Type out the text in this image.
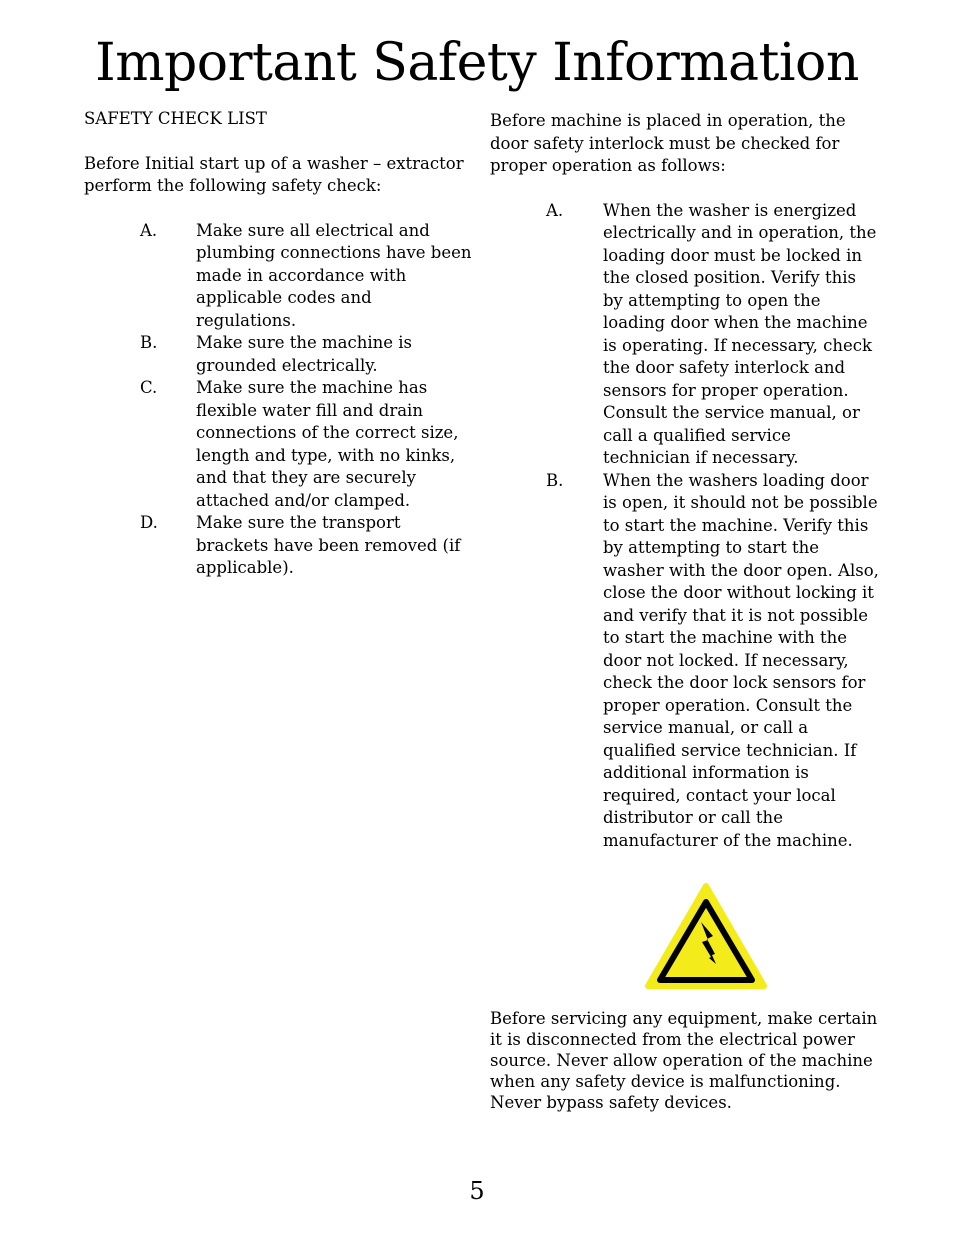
Important Safety Information

SAFETY CHECK LIST

Before Initial start up of a washer – extractor perform the following safety check:

A. Make sure all electrical and plumbing connections have been made in accordance with applicable codes and regulations.
B. Make sure the machine is grounded electrically.
C. Make sure the machine has flexible water fill and drain connections of the correct size, length and type, with no kinks, and that they are securely attached and/or clamped.
D. Make sure the transport brackets have been removed (if applicable).

Before machine is placed in operation, the door safety interlock must be checked for proper operation as follows:

A. When the washer is energized electrically and in operation, the loading door must be locked in the closed position. Verify this by attempting to open the loading door when the machine is operating. If necessary, check the door safety interlock and sensors for proper operation. Consult the service manual, or call a qualified service technician if necessary.
B. When the washers loading door is open, it should not be possible to start the machine. Verify this by attempting to start the washer with the door open. Also, close the door without locking it and verify that it is not possible to start the machine with the door not locked. If necessary, check the door lock sensors for proper operation. Consult the service manual, or call a qualified service technician. If additional information is required, contact your local distributor or call the manufacturer of the machine.

Before servicing any equipment, make certain it is disconnected from the electrical power source. Never allow operation of the machine when any safety device is malfunctioning. Never bypass safety devices.

5
